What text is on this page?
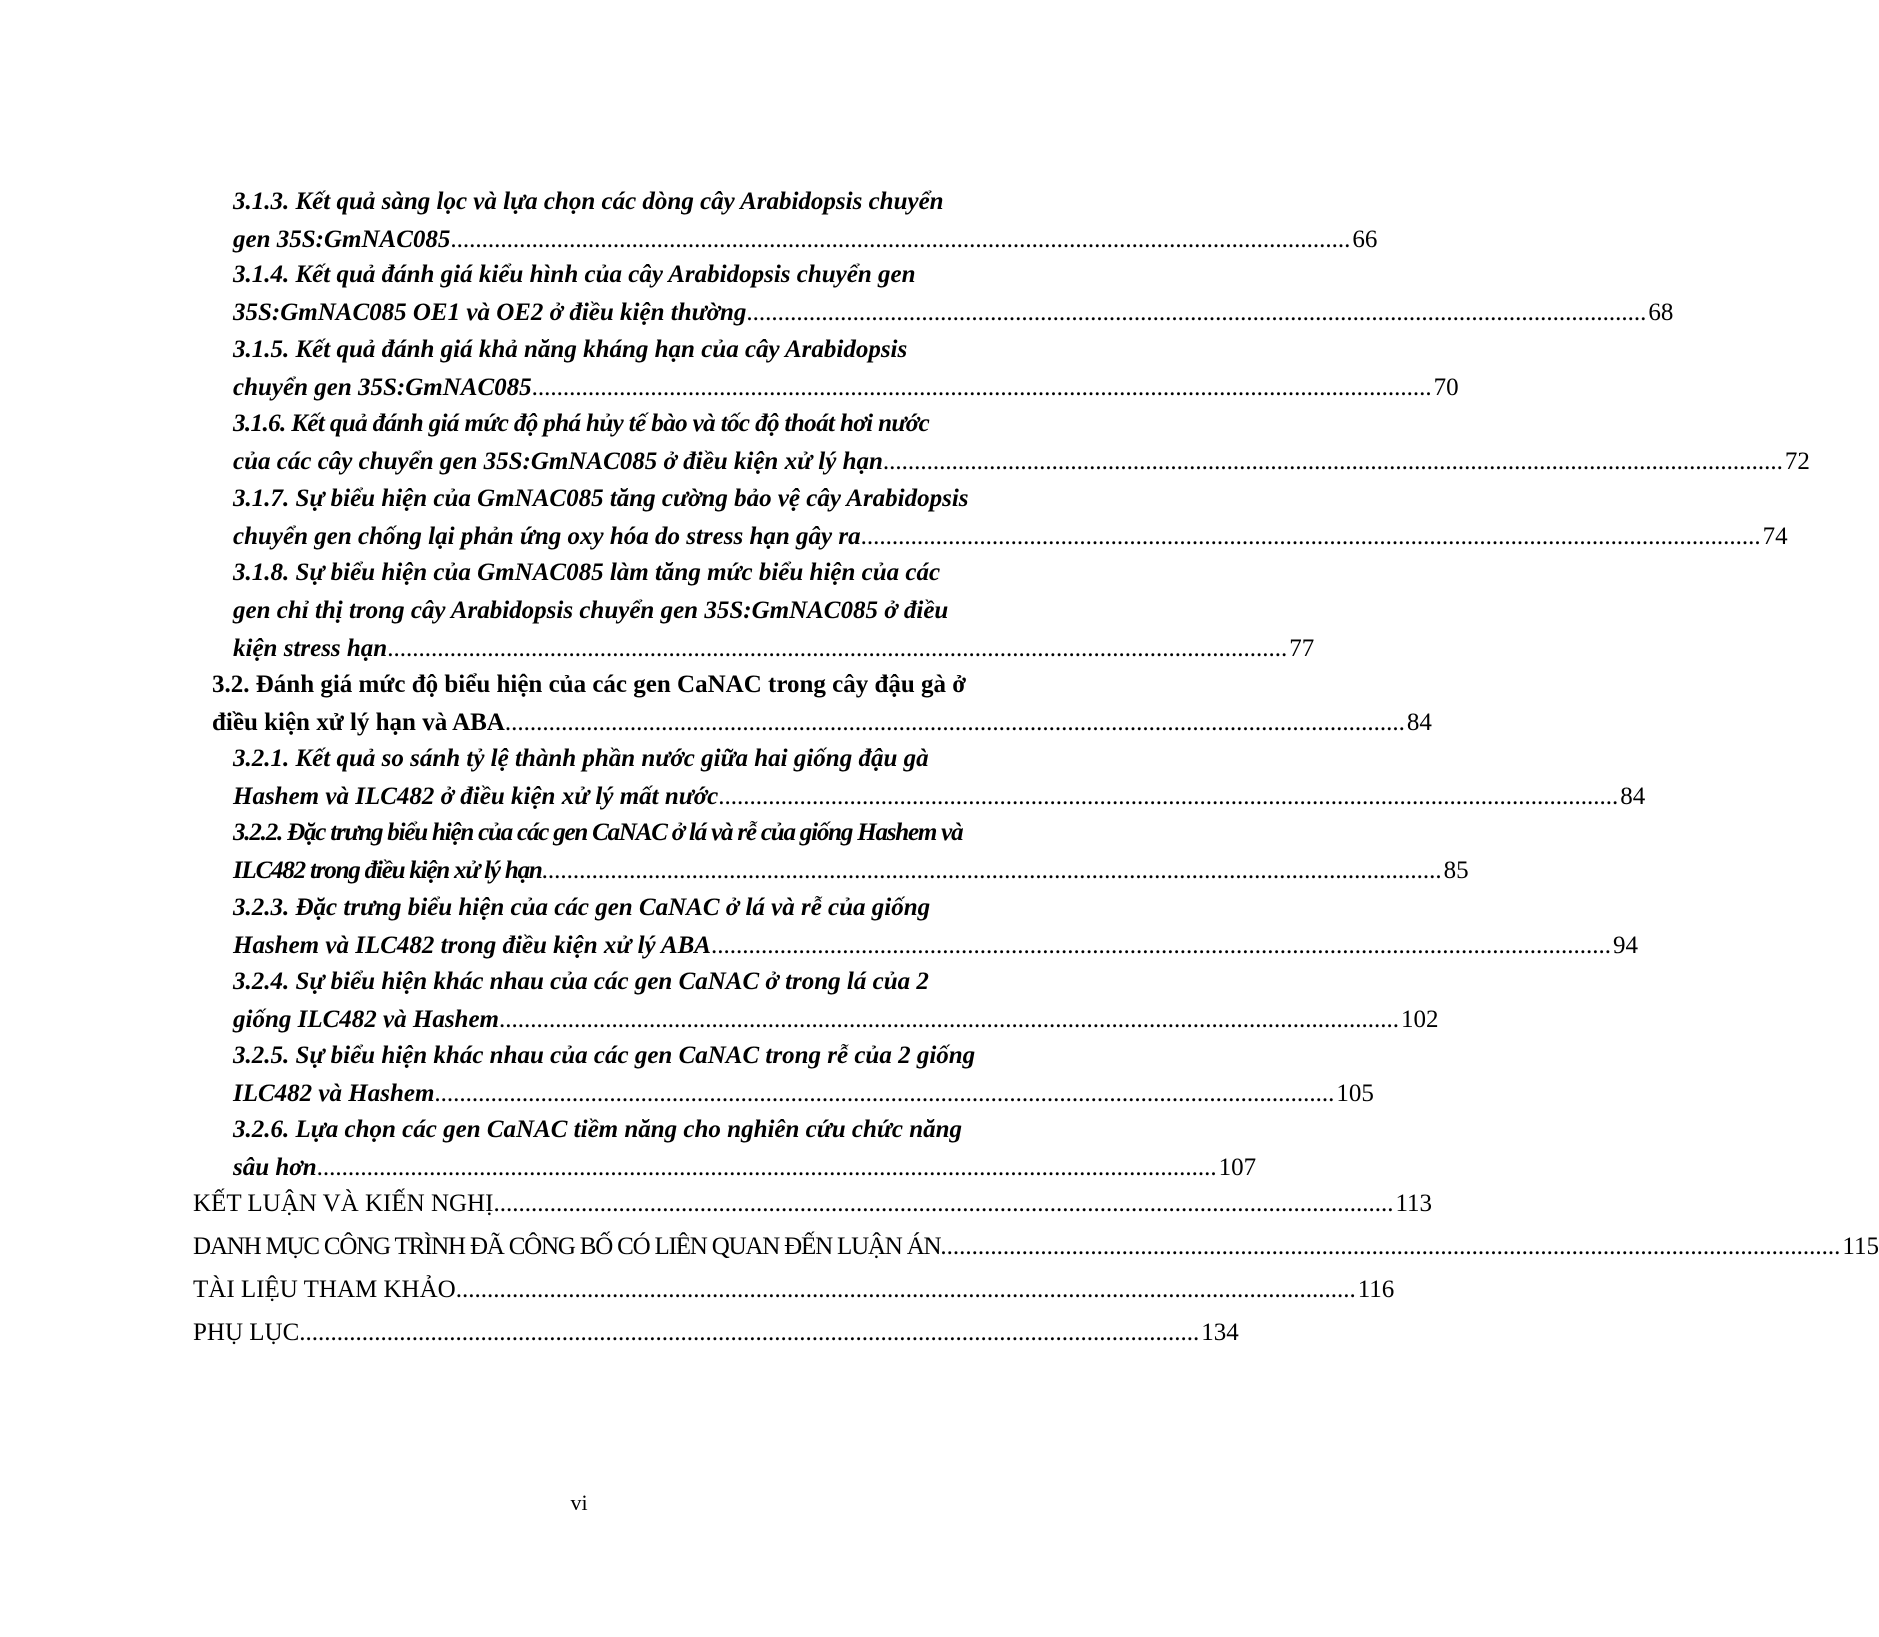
3.1.3. Kết quả sàng lọc và lựa chọn các dòng cây Arabidopsis chuyển
gen 35S:GmNAC085 ................................................................................................................................................ 66
3.1.4. Kết quả đánh giá kiểu hình của cây Arabidopsis chuyển gen
35S:GmNAC085 OE1 và OE2 ở điều kiện thường ................................................................................................................................................ 68
3.1.5. Kết quả đánh giá khả năng kháng hạn của cây Arabidopsis
chuyển gen 35S:GmNAC085 ................................................................................................................................................ 70
3.1.6. Kết quả đánh giá mức độ phá hủy tế bào và tốc độ thoát hơi nước
của các cây chuyển gen 35S:GmNAC085 ở điều kiện xử lý hạn ................................................................................................................................................ 72
3.1.7. Sự biểu hiện của GmNAC085 tăng cường bảo vệ cây Arabidopsis
chuyển gen chống lại phản ứng oxy hóa do stress hạn gây ra ................................................................................................................................................ 74
3.1.8. Sự biểu hiện của GmNAC085 làm tăng mức biểu hiện của các
gen chỉ thị trong cây Arabidopsis chuyển gen 35S:GmNAC085 ở điều
kiện stress hạn ................................................................................................................................................ 77
3.2. Đánh giá mức độ biểu hiện của các gen CaNAC trong cây đậu gà ở
điều kiện xử lý hạn và ABA ................................................................................................................................................ 84
3.2.1. Kết quả so sánh tỷ lệ thành phần nước giữa hai giống đậu gà
Hashem và ILC482 ở điều kiện xử lý mất nước ................................................................................................................................................ 84
3.2.2. Đặc trưng biểu hiện của các gen CaNAC ở lá và rễ của giống Hashem và
ILC482 trong điều kiện xử lý hạn ................................................................................................................................................ 85
3.2.3. Đặc trưng biểu hiện của các gen CaNAC ở lá và rễ của giống
Hashem và ILC482 trong điều kiện xử lý ABA ................................................................................................................................................ 94
3.2.4. Sự biểu hiện khác nhau của các gen CaNAC ở trong lá của 2
giống ILC482 và Hashem ................................................................................................................................................ 102
3.2.5. Sự biểu hiện khác nhau của các gen CaNAC trong rễ của 2 giống
ILC482 và Hashem ................................................................................................................................................ 105
3.2.6. Lựa chọn các gen CaNAC tiềm năng cho nghiên cứu chức năng
sâu hơn ................................................................................................................................................ 107
KẾT LUẬN VÀ KIẾN NGHỊ ................................................................................................................................................ 113
DANH MỤC CÔNG TRÌNH ĐÃ CÔNG BỐ CÓ LIÊN QUAN ĐẾN LUẬN ÁN ................................................................................................................................................ 115
TÀI LIỆU THAM KHẢO ................................................................................................................................................ 116
PHỤ LỤC ................................................................................................................................................ 134
vi
